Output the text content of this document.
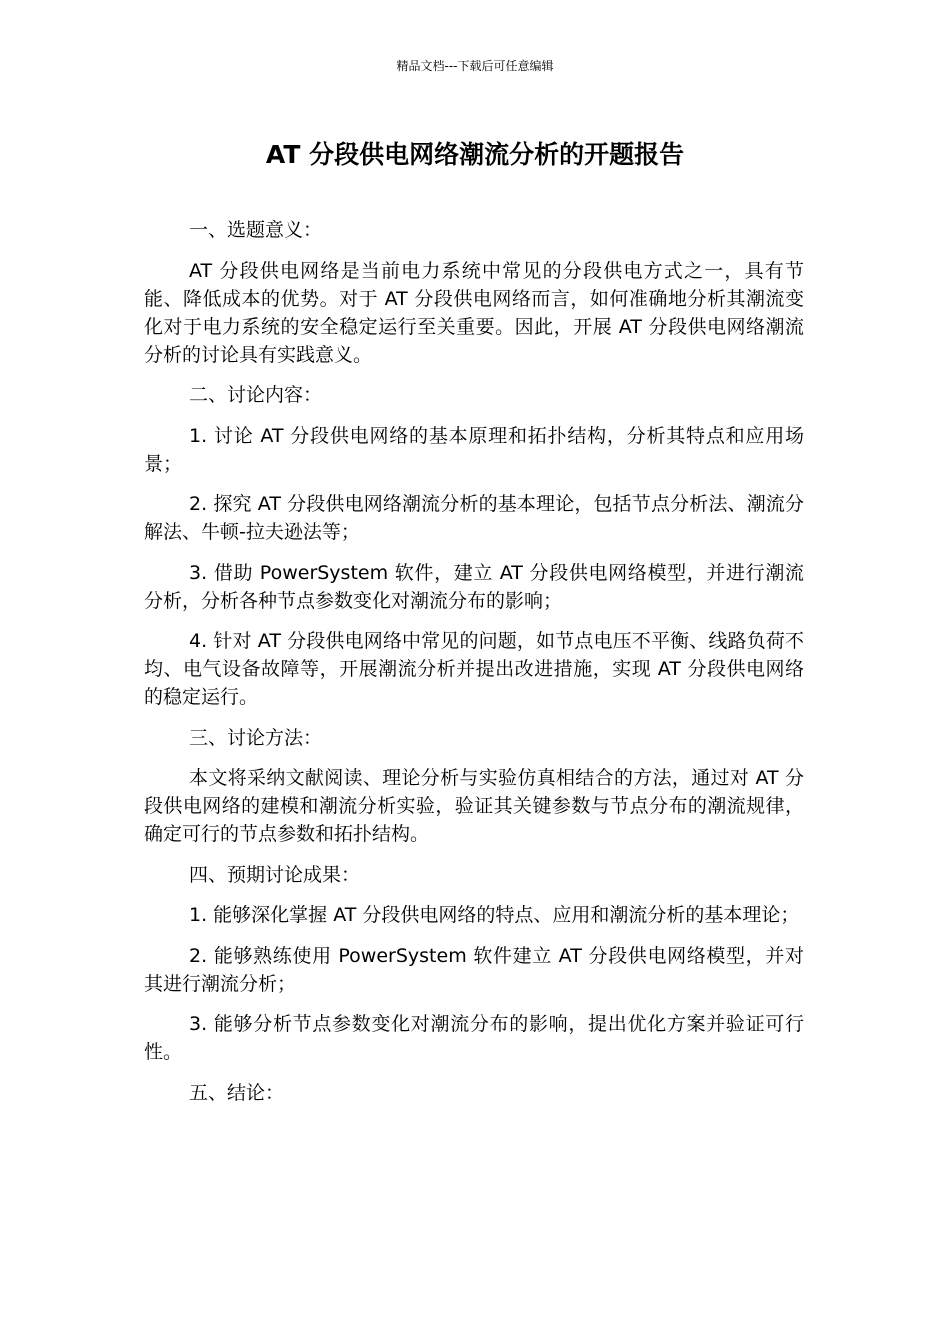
精品文档---下载后可任意编辑
AT 分段供电网络潮流分析的开题报告

一、选题意义：

AT 分段供电网络是当前电力系统中常见的分段供电方式之一，具有节能、降低成本的优势。对于 AT 分段供电网络而言，如何准确地分析其潮流变化对于电力系统的安全稳定运行至关重要。因此，开展 AT 分段供电网络潮流分析的讨论具有实践意义。

二、讨论内容：

1. 讨论 AT 分段供电网络的基本原理和拓扑结构，分析其特点和应用场景；

2. 探究 AT 分段供电网络潮流分析的基本理论，包括节点分析法、潮流分解法、牛顿-拉夫逊法等；

3. 借助 PowerSystem 软件，建立 AT 分段供电网络模型，并进行潮流分析，分析各种节点参数变化对潮流分布的影响；

4. 针对 AT 分段供电网络中常见的问题，如节点电压不平衡、线路负荷不均、电气设备故障等，开展潮流分析并提出改进措施，实现 AT 分段供电网络的稳定运行。

三、讨论方法：

本文将采纳文献阅读、理论分析与实验仿真相结合的方法，通过对 AT 分段供电网络的建模和潮流分析实验，验证其关键参数与节点分布的潮流规律，确定可行的节点参数和拓扑结构。

四、预期讨论成果：

1. 能够深化掌握 AT 分段供电网络的特点、应用和潮流分析的基本理论；

2. 能够熟练使用 PowerSystem 软件建立 AT 分段供电网络模型，并对其进行潮流分析；

3. 能够分析节点参数变化对潮流分布的影响，提出优化方案并验证可行性。

五、结论：
